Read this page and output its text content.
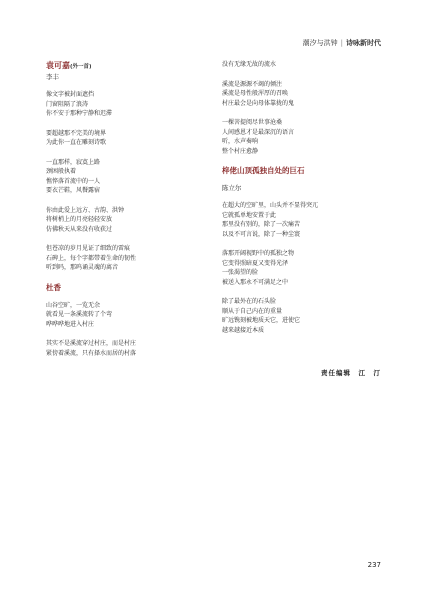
潮汐与洪钟 | 诗咏新时代

袁可嘉(外一首)

李丰

像文字被封面遮挡
门窗阻隔了浪涛
你不安于那种宁静和迟滞
要超越那不完美的境界
为此你一直在雕刻诗歌
一直那样，寂寞上路
颈困般执着
憔悴落首流中的一人
要衣芒鞋，风餐露宿
你由此爱上远方、古韵、洪钟
将树梢上的月亮轻轻安放
仿佛秋天从来没有收获过
但苍凉的岁月见证了细致的雷痕
石碑上，每个字都带着生命的韧性
听到吗，那呜诵灵魂的离音

杜香

山谷空旷，一览无余
就看见一条溪流转了个弯
哗哗哗地进入村庄
其实不是溪流穿过村庄，而是村庄
紧傍着溪流，只有择水而居的村落
没有无缘无故的流水
溪流是源源不竭的倾注
溪流是母性般浑厚的召唤
村庄最会是向母体靠拢的鬼
一棵菩提阅尽世事沧桑
人间感恩才是最深沉的语言
听，水声奏响
整个村庄愈静

梓佬山顶孤独自处的巨石

陈立尔

在超大的空旷里，山头并不显得突兀
它就孤单地安置于此
那里没有别的，除了一次痛苦
以及不可言说，除了一种尘寰
落那开阔视野中的孤独之物
它变得照暗夏又变得光泽
一张渴望的脸
被送入那永不可满足之中
除了最外在的石头脸
顺从于自己内在的重量
旷远镌刻被地质天它，进使它
越来越接近本质
责任编辑　江　汀
237
